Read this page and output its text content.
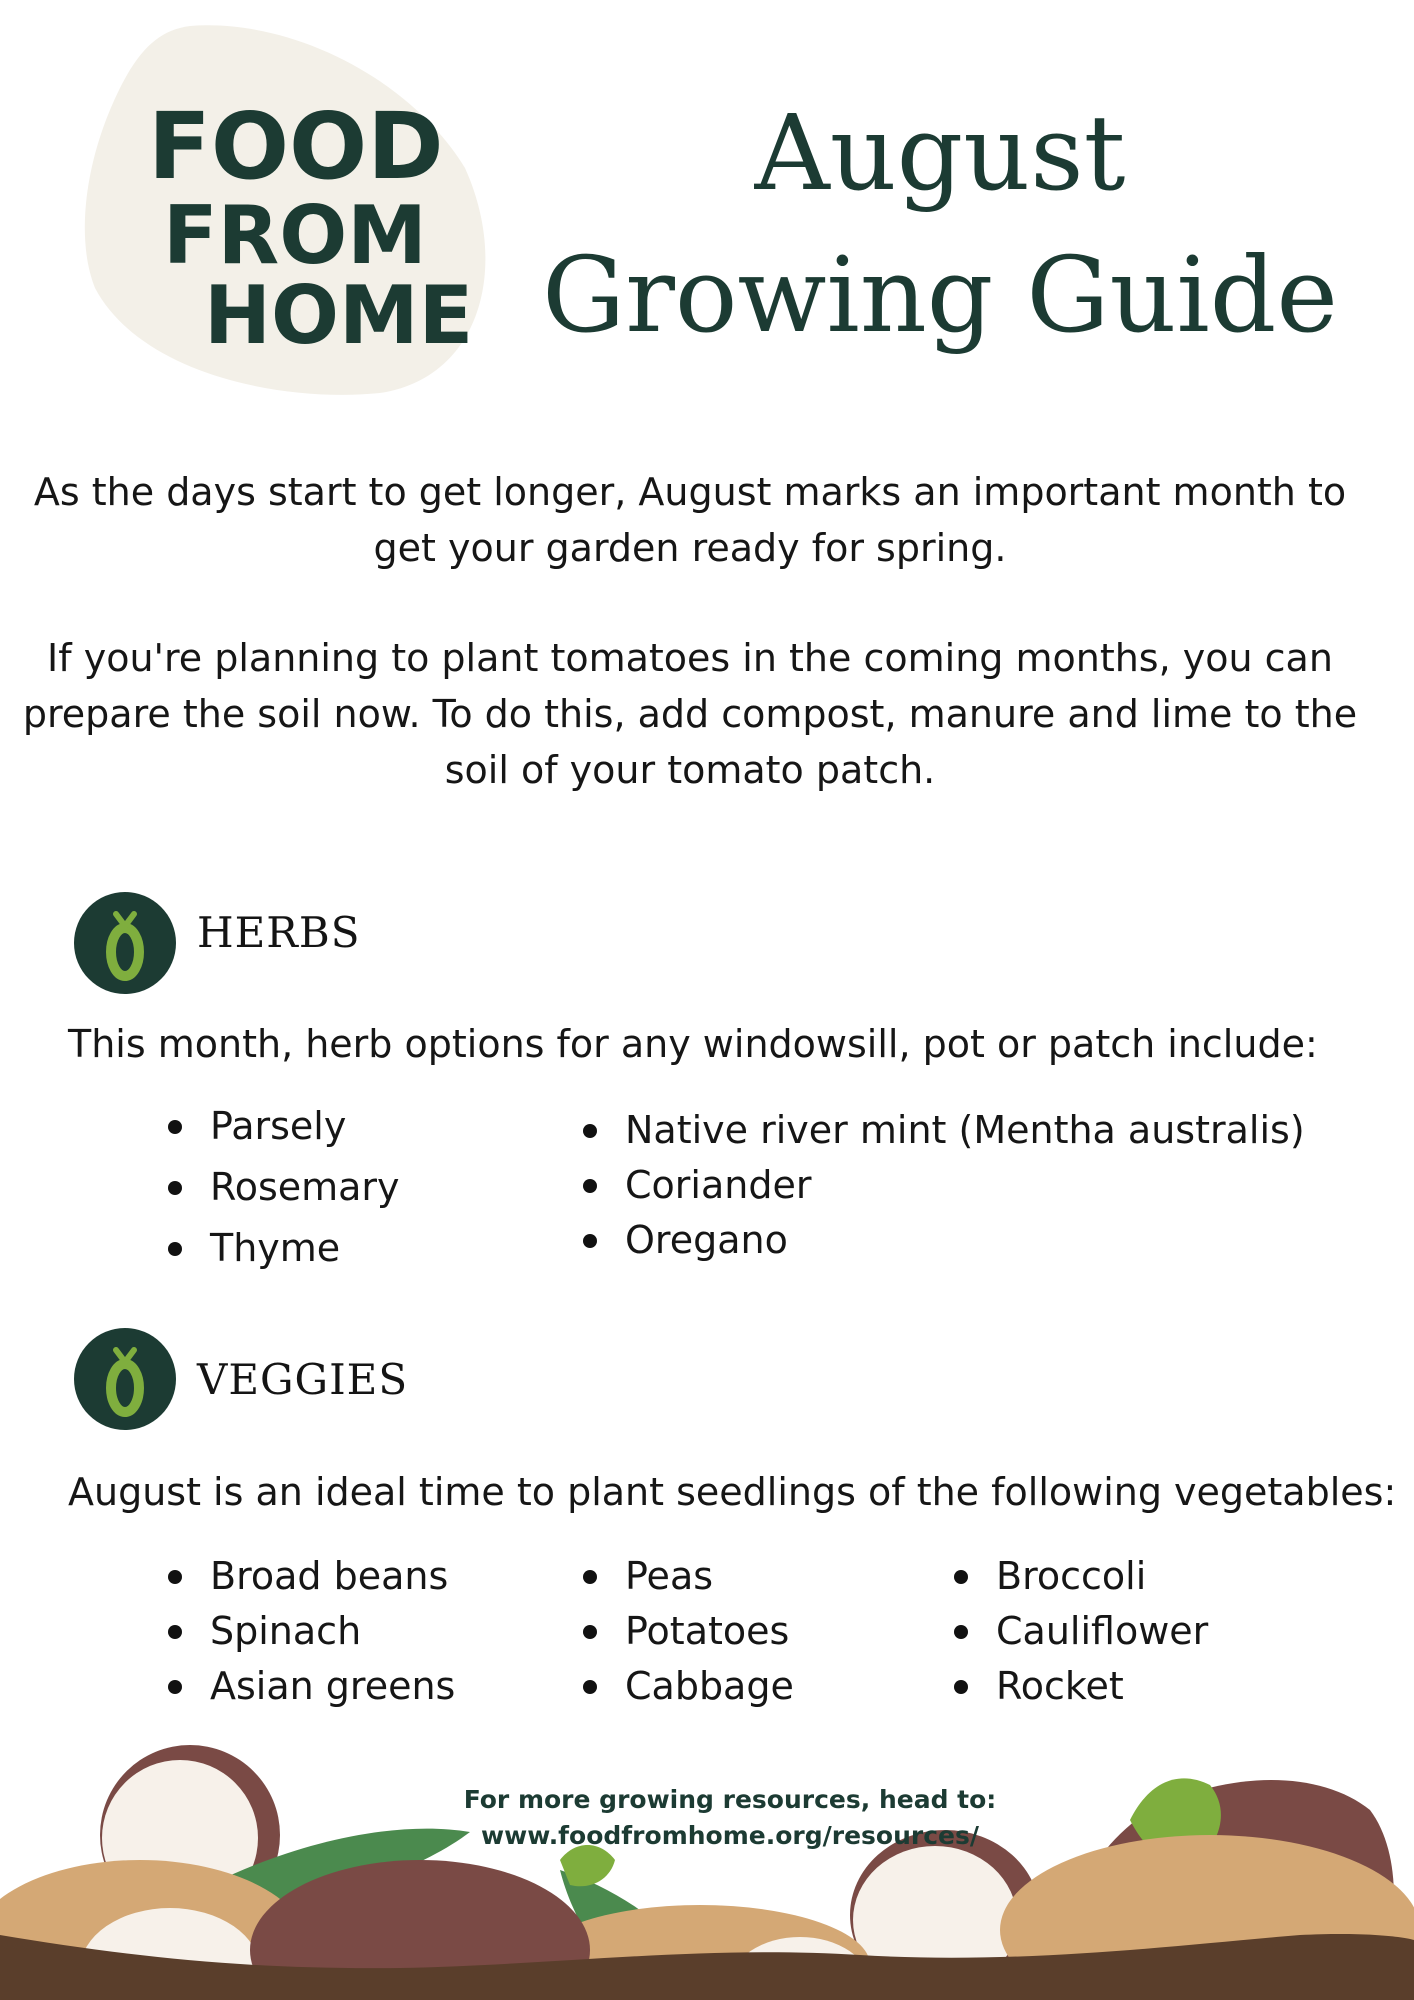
FOOD
FROM
HOME
August
Growing Guide

As the days start to get longer, August marks an important month to get your garden ready for spring.

If you're planning to plant tomatoes in the coming months, you can prepare the soil now. To do this, add compost, manure and lime to the soil of your tomato patch.

HERBS
This month, herb options for any windowsill, pot or patch include:
Parsely
Rosemary
Thyme
Native river mint (Mentha australis)
Coriander
Oregano
VEGGIES
August is an ideal time to plant seedlings of the following vegetables:
Broad beans
Spinach
Asian greens
Peas
Potatoes
Cabbage
Broccoli
Cauliflower
Rocket
For more growing resources, head to:
www.foodfromhome.org/resources/
